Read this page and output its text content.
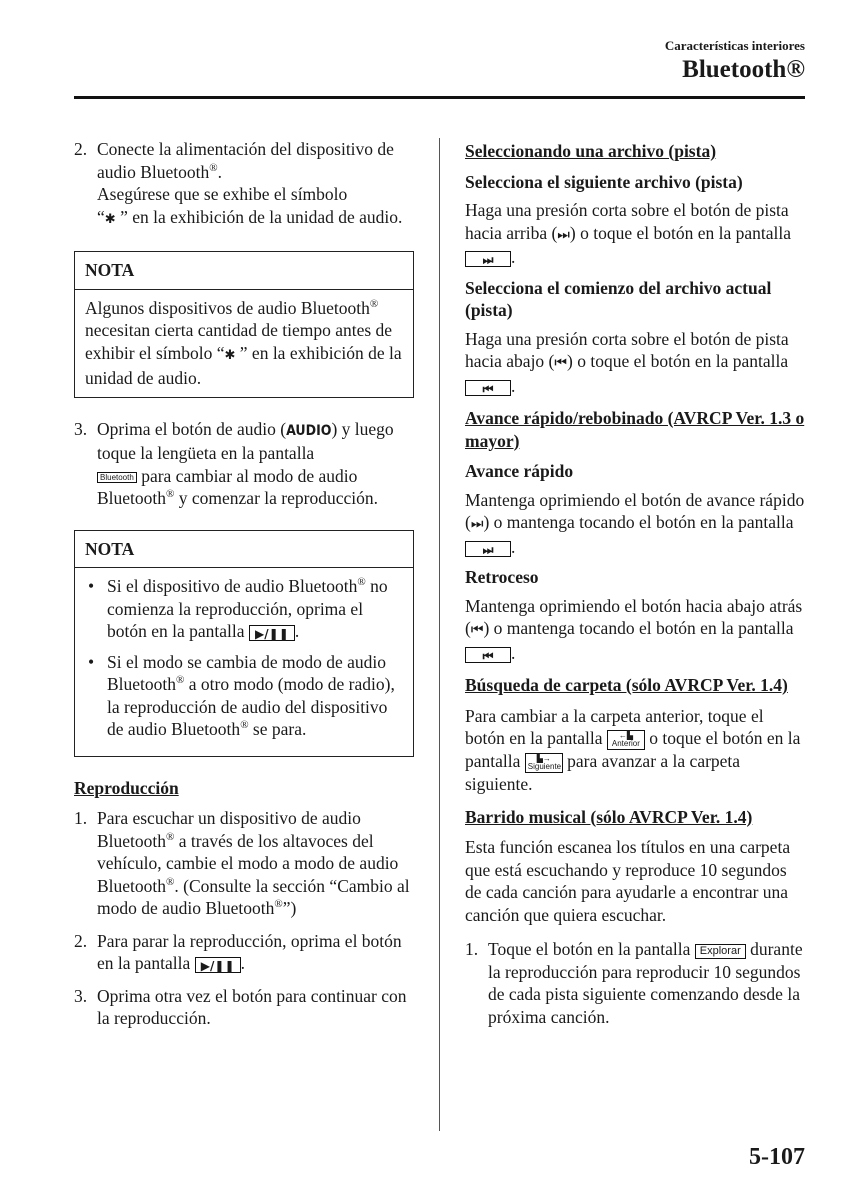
Características interiores
Bluetooth®
2. Conecte la alimentación del dispositivo de audio Bluetooth®.
Asegúrese que se exhibe el símbolo
“✱ ” en la exhibición de la unidad de audio.
NOTA
Algunos dispositivos de audio Bluetooth® necesitan cierta cantidad de tiempo antes de exhibir el símbolo “✱ ” en la exhibición de la unidad de audio.
3. Oprima el botón de audio (AUDIO) y luego toque la lengüeta en la pantalla
Bluetooth para cambiar al modo de audio Bluetooth® y comenzar la reproducción.
NOTA
• Si el dispositivo de audio Bluetooth® no comienza la reproducción, oprima el botón en la pantalla ▶/❚❚ .
• Si el modo se cambia de modo de audio Bluetooth® a otro modo (modo de radio), la reproducción de audio del dispositivo de audio Bluetooth® se para.
Reproducción
1. Para escuchar un dispositivo de audio Bluetooth® a través de los altavoces del vehículo, cambie el modo a modo de audio Bluetooth®. (Consulte la sección “Cambio al modo de audio Bluetooth®”)
2. Para parar la reproducción, oprima el botón en la pantalla ▶/❚❚ .
3. Oprima otra vez el botón para continuar con la reproducción.
Seleccionando una archivo (pista)
Selecciona el siguiente archivo (pista)
Haga una presión corta sobre el botón de pista hacia arriba (⏭) o toque el botón en la pantalla ⏭ .
Selecciona el comienzo del archivo actual (pista)
Haga una presión corta sobre el botón de pista hacia abajo (⏮) o toque el botón en la pantalla ⏮ .
Avance rápido/rebobinado (AVRCP Ver. 1.3 o mayor)
Avance rápido
Mantenga oprimiendo el botón de avance rápido (⏭) o mantenga tocando el botón en la pantalla ⏭ .
Retroceso
Mantenga oprimiendo el botón hacia abajo atrás (⏮) o mantenga tocando el botón en la pantalla ⏮ .
Búsqueda de carpeta (sólo AVRCP Ver. 1.4)
Para cambiar a la carpeta anterior, toque el botón en la pantalla ←▙
Anterior o toque el botón en la pantalla ▙→
Siguiente para avanzar a la carpeta siguiente.
Barrido musical (sólo AVRCP Ver. 1.4)
Esta función escanea los títulos en una carpeta que está escuchando y reproduce 10 segundos de cada canción para ayudarle a encontrar una canción que quiera escuchar.
1. Toque el botón en la pantalla Explorar durante la reproducción para reproducir 10 segundos de cada pista siguiente comenzando desde la próxima canción.
5-107
